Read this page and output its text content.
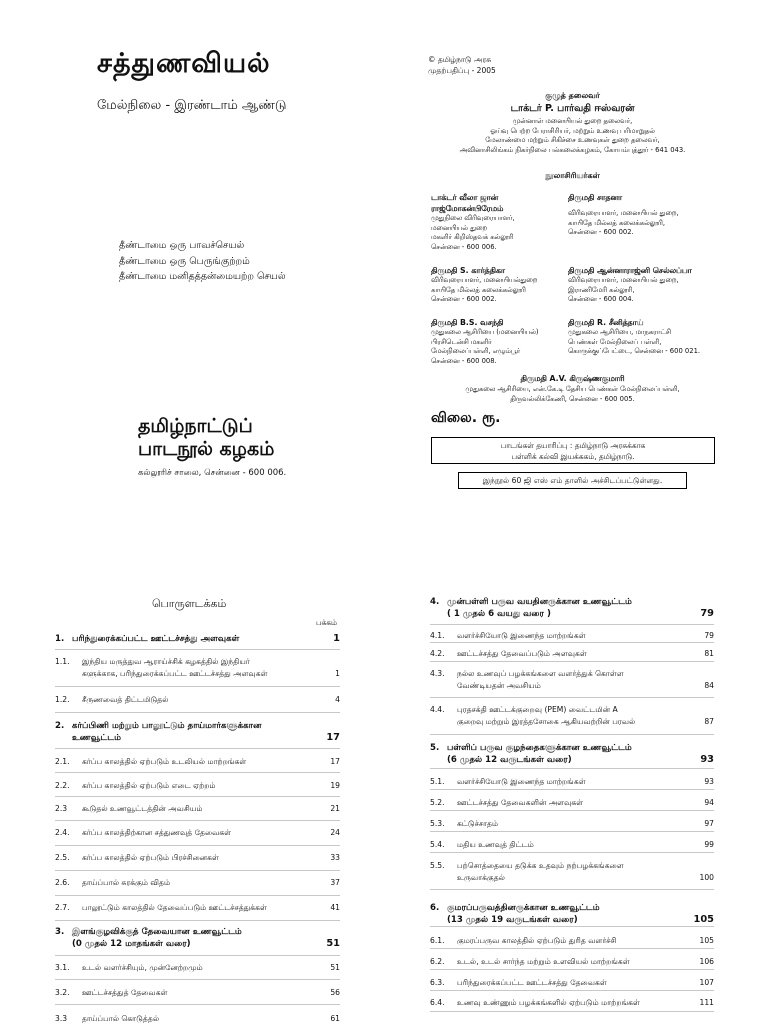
சத்துணவியல்
மேல்நிலை - இரண்டாம் ஆண்டு
தீண்டாமை ஒரு பாவச்செயல்
தீண்டாமை ஒரு பெருங்குற்றம்
தீண்டாமை மனிதத்தன்மையற்ற செயல்
தமிழ்நாட்டுப்
பாடநூல் கழகம்
கல்லூரிச் சாலை, சென்னை - 600 006.
© தமிழ்நாடு அரசு
முதற்பதிப்பு - 2005
குழுத் தலைவர்
டாக்டர் P. பார்வதி ஈஸ்வரன்
முன்னாள் மனையியல் துறை தலைவர்,
ஓய்வு பெற்ற பேராசிரியர், மற்றும் உணவு பரிமாறுதல்
மேலாண்மை மற்றும் சிகிச்சை உணவுகள் துறை தலைவர்,
அவினாசிலிங்கம் நிகர்நிலை பல்கலைக்கழகம், கோயம்புத்தூர் - 641 043.
நூலாசிரியர்கள்
டாக்டர் வீலா ஜான்
ராஜ்மோகன்பிரேமம்
முதுநிலை விரிவுரையாளர்,
மனையியல் துறை
மகளிர் கிறிஸ்தவக் கல்லூரி
சென்னை - 600 006.
திருமதி சாதனா
விரிவுரையாளர், மனையியல் துறை,
காயிதே மில்லத் கலைக்கல்லூரி,
சென்னை - 600 002.
திருமதி S. கார்த்திகா
விரிவுரையாளர், மனையியல்துறை
காயிதே மில்லத் கலைக்கல்லூரி
சென்னை - 600 002.
திருமதி ஆன்னாராஜ்னி செல்லப்பா
விரிவுரையாளர், மனையியல் துறை,
இராணிமேரி கல்லூரி,
சென்னை - 600 004.
திருமதி B.S. வசந்தி
முதுகலை ஆசிரியை (மனையியல்)
பிரசிடென்சி மகளிர்
மேல்நிலைப்பள்ளி, எழும்பூர்
சென்னை - 600 008.
திருமதி R. சீனித்தாய்
முதுகலை ஆசிரியை, மாநகராட்சி
பெண்கள் மேல்நிலைப் பள்ளி,
கொருக்குப்பேட்டை, சென்னை - 600 021.
திருமதி A.V. கிருஷ்ணகுமாரி
முதுகலை ஆசிரியை, என்.கே.டி தேசிய பெண்கள் மேல்நிலைப்பள்ளி,
திருவல்லிக்கேணி, சென்னை - 600 005.
விலை. ரூ.
பாடங்கள் தயாரிப்பு : தமிழ்நாடு அரசுக்காக
பள்ளிக் கல்வி இயக்ககம், தமிழ்நாடு.
இந்நூல் 60 ஜி எஸ் எம் தாளில் அச்சிடப்பட்டுள்ளது.
பொருளடக்கம்
பக்கம்
1. பரிந்துரைக்கப்பட்ட ஊட்டச்சத்து அளவுகள்	1
1.1. இந்திய மருத்துவ ஆராய்ச்சிக் கழகத்தில் இந்தியர்
களுக்காக, பரிந்துரைக்கப்பட்ட ஊட்டச்சத்து அளவுகள்	1
1.2. சீருணவைத் திட்டமிடுதல்	4
2. கர்ப்பிணி மற்றும் பாலூட்டும் தாய்மார்களுக்கான
உணவூட்டம்	17
2.1. கர்ப்ப காலத்தில் ஏற்படும் உடலியல் மாற்றங்கள்	17
2.2. கர்ப்ப காலத்தில் ஏற்படும் எடை ஏற்றம்	19
2.3 கூடுதல் உணவூட்டத்தின் அவசியம்	21
2.4. கர்ப்ப காலத்திற்கான சத்துணவுத் தேவைகள்	24
2.5. கர்ப்ப காலத்தில் ஏற்படும் பிரச்சினைகள்	33
2.6. தாய்ப்பால் சுரக்கும் விதம்	37
2.7. பாலூட்டும் காலத்தில் தேவைப்படும் ஊட்டச்சத்துக்கள்	41
3. இளங்குழவிக்குத் தேவையான உணவூட்டம்
(0 முதல் 12 மாதங்கள் வரை)	51
3.1. உடல் வளர்ச்சியும், முன்னேற்றமும்	51
3.2. ஊட்டச்சத்துத் தேவைகள்	56
3.3 தாய்ப்பால் கொடுத்தல்	61
4. முன்பள்ளி பருவ வயதினருக்கான உணவூட்டம்
( 1 முதல் 6 வயது வரை )	79
4.1. வளர்ச்சியோடு இணைந்த மாற்றங்கள்	79
4.2. ஊட்டச்சத்து தேவைப்படும் அளவுகள்	81
4.3. நல்ல உணவுப் பழக்கங்களை வளர்த்துக் கொள்ள
வேண்டியதன் அவசியம்	84
4.4. புரதசக்தி ஊட்டக்குறைவு (PEM) வைட்டமின் A
குறைவு மற்றும் இரத்தசோகை ஆகியவற்றின் பரவல்	87
5. பள்ளிப் பருவ குழந்தைகளுக்கான உணவூட்டம்
(6 முதல் 12 வருடங்கள் வரை)	93
5.1. வளர்ச்சியோடு இணைந்த மாற்றங்கள்	93
5.2. ஊட்டச்சத்து தேவைகளின் அளவுகள்	94
5.3. கட்டுச்சாதம்	97
5.4. மதிய உணவுத் திட்டம்	99
5.5. பற்சொத்தையை தடுக்க உதவும் நற்பழக்கங்களை
உருவாக்குதல்	100
6. குமரப்பருவத்தினருக்கான உணவூட்டம்
(13 முதல் 19 வருடங்கள் வரை)	105
6.1. குமரப்பருவ காலத்தில் ஏற்படும் துரித வளர்ச்சி	105
6.2. உடல், உடல் சார்ந்த மற்றும் உளவியல் மாற்றங்கள்	106
6.3. பரிந்துரைக்கப்பட்ட ஊட்டச்சத்து தேவைகள்	107
6.4. உணவு உண்ணும் பழக்கங்களில் ஏற்படும் மாற்றங்கள்	111
